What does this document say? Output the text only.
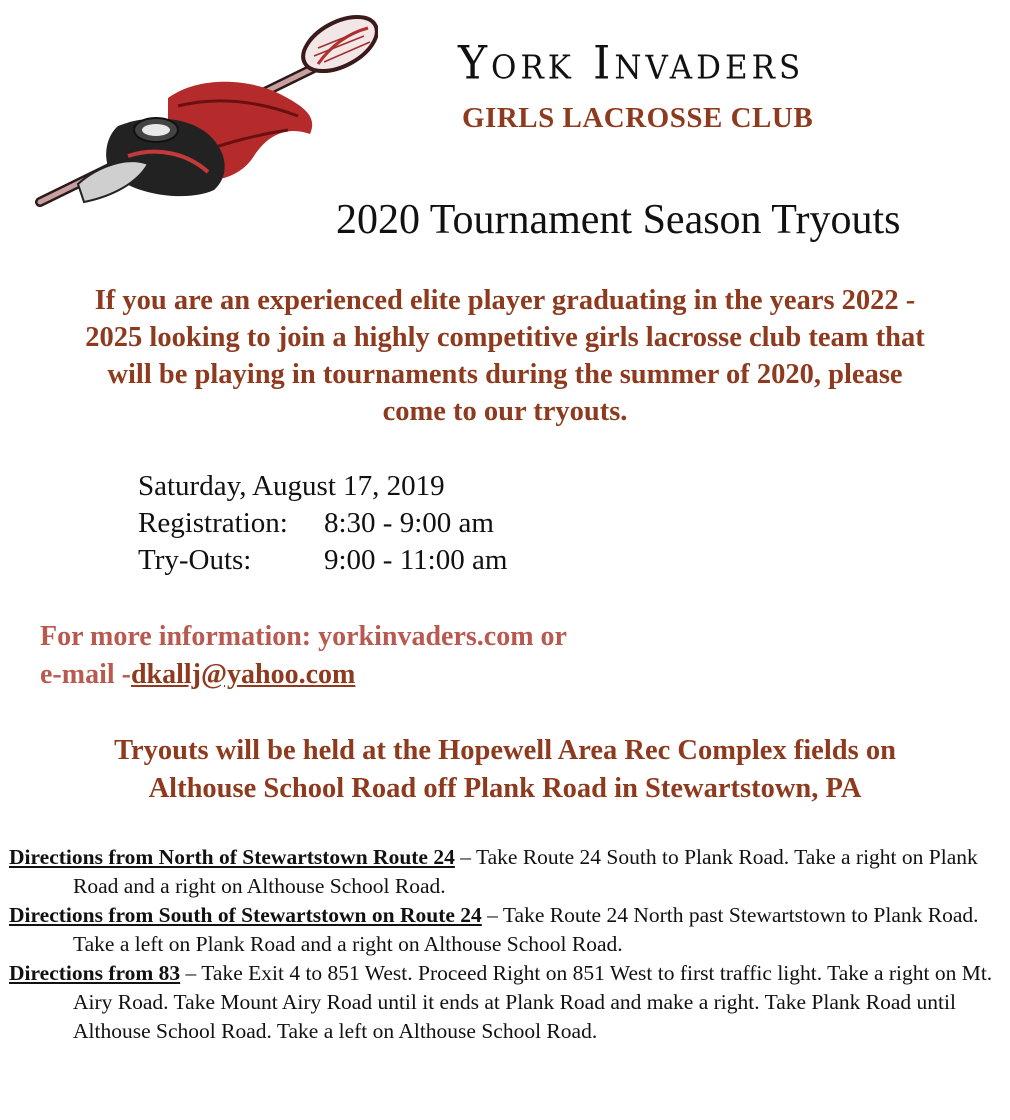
York Invaders
GIRLS LACROSSE CLUB
2020 Tournament Season Tryouts
If you are an experienced elite player graduating in the years 2022 -
2025 looking to join a highly competitive girls lacrosse club team that
will be playing in tournaments during the summer of 2020, please
come to our tryouts.
Saturday, August 17, 2019
Registration: 8:30 - 9:00 am
Try-Outs:	9:00 - 11:00 am
For more information: yorkinvaders.com or
e-mail -dkallj@yahoo.com
Tryouts will be held at the Hopewell Area Rec Complex fields on
Althouse School Road off Plank Road in Stewartstown, PA
Directions from North of Stewartstown Route 24 – Take Route 24 South to Plank Road. Take a right on Plank Road and a right on Althouse School Road.
Directions from South of Stewartstown on Route 24 – Take Route 24 North past Stewartstown to Plank Road. Take a left on Plank Road and a right on Althouse School Road.
Directions from 83 – Take Exit 4 to 851 West. Proceed Right on 851 West to first traffic light. Take a right on Mt. Airy Road. Take Mount Airy Road until it ends at Plank Road and make a right. Take Plank Road until Althouse School Road. Take a left on Althouse School Road.
